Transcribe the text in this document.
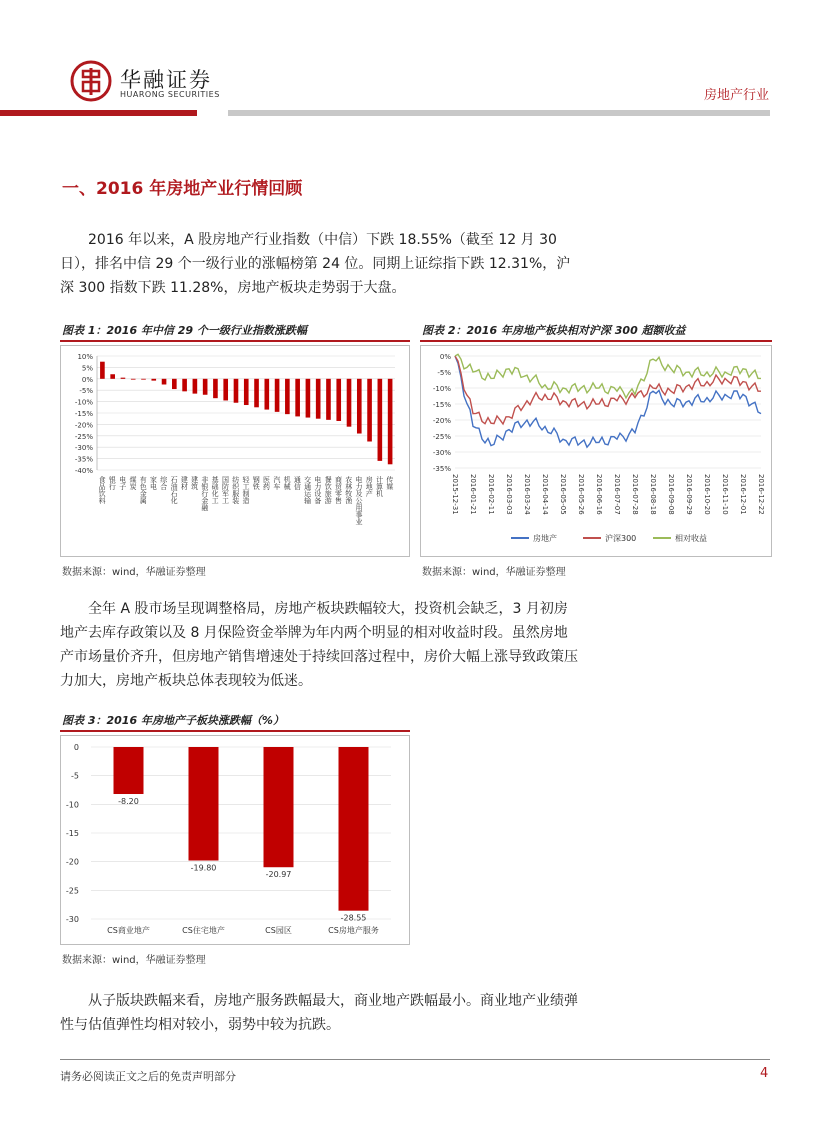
华融证券
HUARONG SECURITIES	房地产行业
一、2016 年房地产业行情回顾
2016 年以来，A 股房地产行业指数（中信）下跌 18.55%（截至 12 月 30 日），排名中信 29 个一级行业的涨幅榜第 24 位。同期上证综指下跌 12.31%，沪深 300 指数下跌 11.28%，房地产板块走势弱于大盘。
图表 1：2016 年中信 29 个一级行业指数涨跌幅
10%
5%
0%
-5%
-10%
-15%
-20%
-25%
-30%
-35%
-40%
食品饮料 银行 电子 煤炭 有色金属 家电 综合 石油石化 建材 建筑 非银行金融 基础化工 国防军工 纺织服装 轻工制造 钢铁 医药 汽车 机械 通信 交通运输 电力设备 餐饮旅游 商贸零售 农林牧渔 电力及公用事业 房地产 计算机 传媒
数据来源：wind，华融证券整理
图表 2：2016 年房地产板块相对沪深 300 超额收益
0%
-5%
-10%
-15%
-20%
-25%
-30%
-35%
2015-12-31 2016-01-21 2016-02-11 2016-03-03 2016-03-24 2016-04-14 2016-05-05 2016-05-26 2016-06-16 2016-07-07 2016-07-28 2016-08-18 2016-09-08 2016-09-29 2016-10-20 2016-11-10 2016-12-01 2016-12-22
房地产	沪深300	相对收益
数据来源：wind，华融证券整理
全年 A 股市场呈现调整格局，房地产板块跌幅较大，投资机会缺乏，3 月初房地产去库存政策以及 8 月保险资金举牌为年内两个明显的相对收益时段。虽然房地产市场量价齐升，但房地产销售增速处于持续回落过程中，房价大幅上涨导致政策压力加大，房地产板块总体表现较为低迷。
图表 3：2016 年房地产子板块涨跌幅（%）
0
-5
-10
-15
-20
-25
-30
-8.20
CS商业地产
-19.80
CS住宅地产
-20.97
CS园区
-28.55
CS房地产服务
数据来源：wind，华融证券整理
从子版块跌幅来看，房地产服务跌幅最大，商业地产跌幅最小。商业地产业绩弹性与估值弹性均相对较小，弱势中较为抗跌。
请务必阅读正文之后的免责声明部分	4
